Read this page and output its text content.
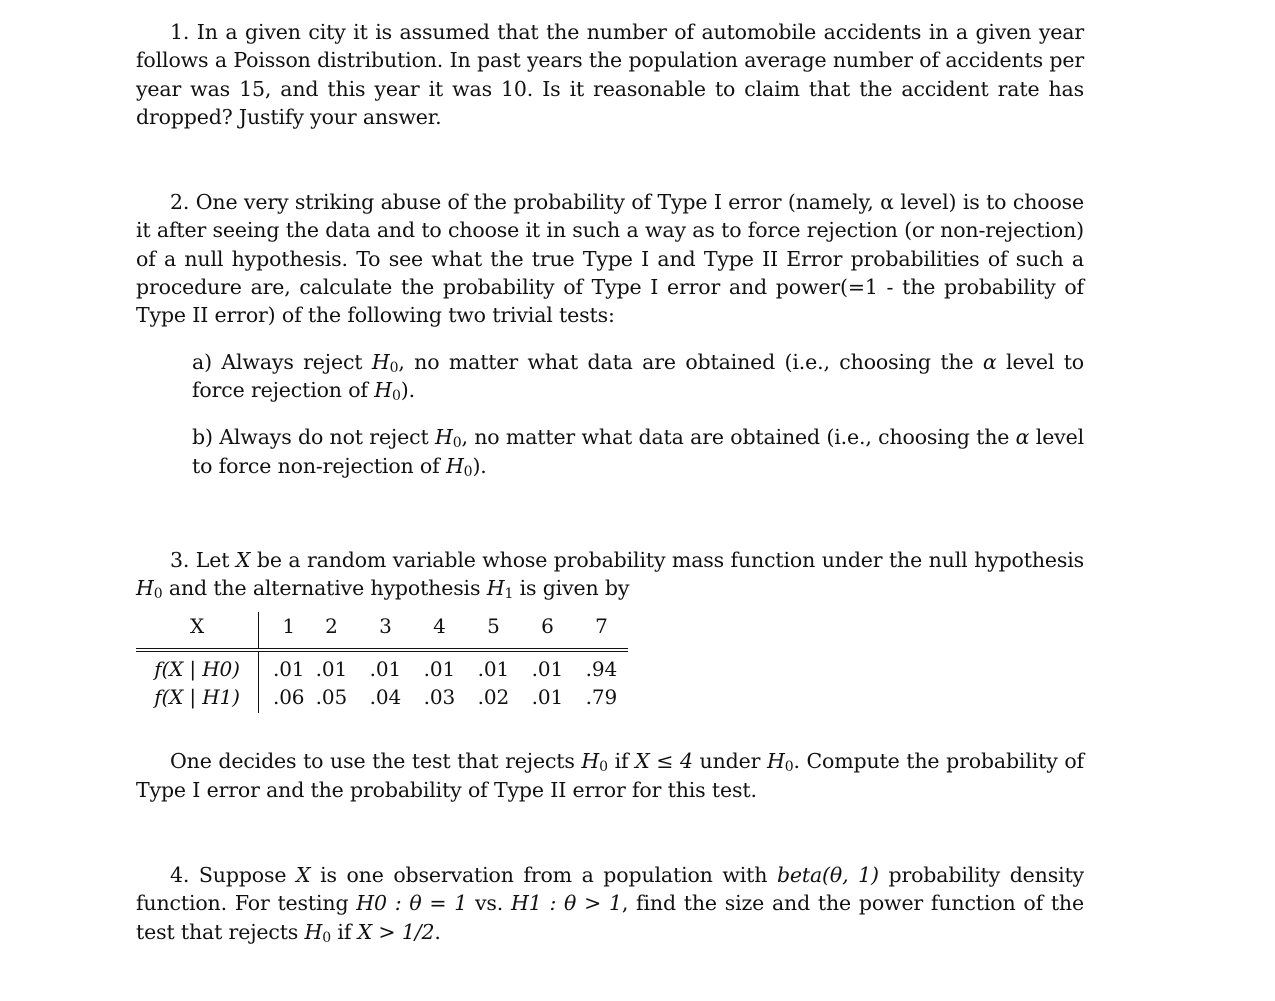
1. In a given city it is assumed that the number of automobile accidents in a given year follows a Poisson distribution. In past years the population average number of accidents per year was 15, and this year it was 10. Is it reasonable to claim that the accident rate has dropped? Justify your answer.

2. One very striking abuse of the probability of Type I error (namely, α level) is to choose it after seeing the data and to choose it in such a way as to force rejection (or non-rejection) of a null hypothesis. To see what the true Type I and Type II Error probabilities of such a procedure are, calculate the probability of Type I error and power(=1 - the probability of Type II error) of the following two trivial tests:

a) Always reject $H_0$, no matter what data are obtained (i.e., choosing the α level to force rejection of $H_0$).

b) Always do not reject $H_0$, no matter what data are obtained (i.e., choosing the α level to force non-rejection of $H_0$).

3. Let X be a random variable whose probability mass function under the null hypothesis $H_0$ and the alternative hypothesis $H_1$ is given by

X	1	2	3	4	5	6	7
f(X | H0)	.01	.01	.01	.01	.01	.01	.94
f(X | H1)	.06	.05	.04	.03	.02	.01	.79

One decides to use the test that rejects $H_0$ if X ≤ 4 under $H_0$. Compute the probability of Type I error and the probability of Type II error for this test.

4. Suppose X is one observation from a population with beta(θ, 1) probability density function. For testing H0 : θ = 1 vs. H1 : θ > 1, find the size and the power function of the test that rejects $H_0$ if X > 1/2.
